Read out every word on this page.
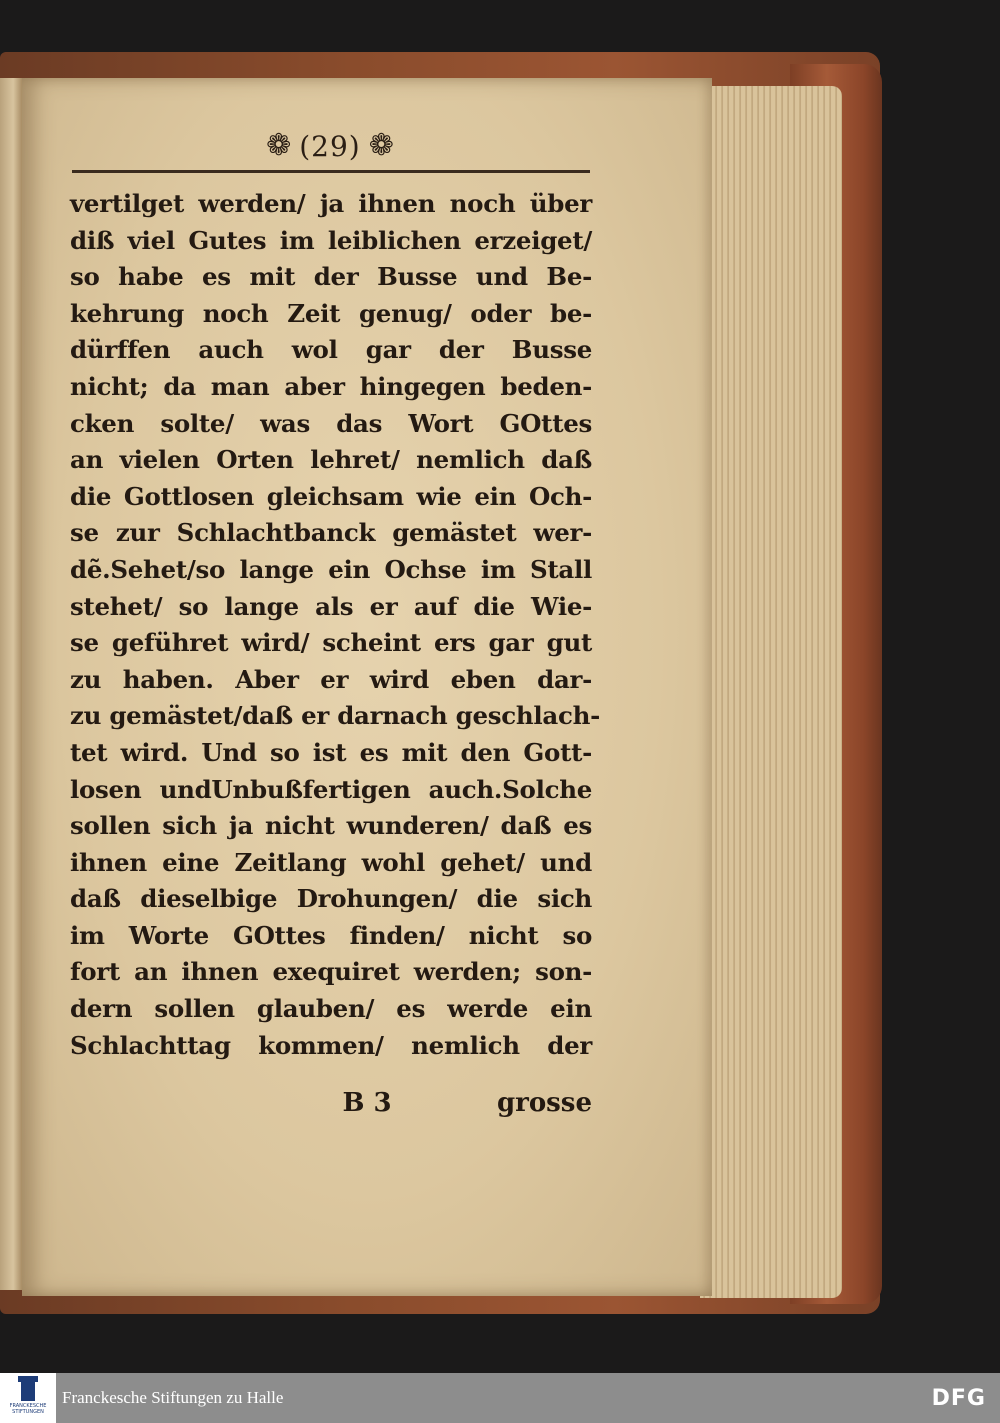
❁ (29) ❁
vertilget werden/ ja ihnen noch über
diß viel Gutes im leiblichen erzeiget/
so habe es mit der Busse und Be-
kehrung noch Zeit genug/ oder be-
dürffen auch wol gar der Busse
nicht; da man aber hingegen beden-
cken solte/ was das Wort GOttes
an vielen Orten lehret/ nemlich daß
die Gottlosen gleichsam wie ein Och-
se zur Schlachtbanck gemästet wer-
dẽ.Sehet/so lange ein Ochse im Stall
stehet/ so lange als er auf die Wie-
se geführet wird/ scheint ers gar gut
zu haben. Aber er wird eben dar-
zu gemästet/daß er darnach geschlach-
tet wird. Und so ist es mit den Gott-
losen undUnbußfertigen auch.Solche
sollen sich ja nicht wunderen/ daß es
ihnen eine Zeitlang wohl gehet/ und
daß dieselbige Drohungen/ die sich
im Worte GOttes finden/ nicht so
fort an ihnen exequiret werden; son-
dern sollen glauben/ es werde ein
Schlachttag kommen/ nemlich der
B 3	grosse
FRANCKESCHE STIFTUNGEN
Franckesche Stiftungen zu Halle	DFG
